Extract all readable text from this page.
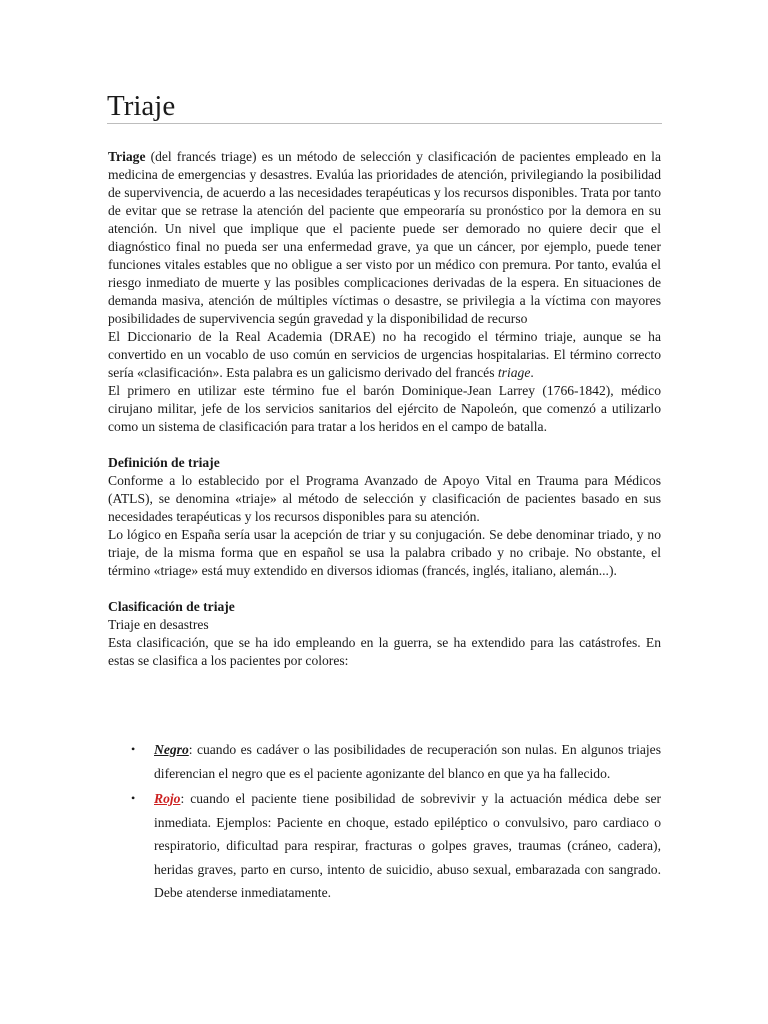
Triaje

Triage (del francés triage) es un método de selección y clasificación de pacientes empleado en la medicina de emergencias y desastres. Evalúa las prioridades de atención, privilegiando la posibilidad de supervivencia, de acuerdo a las necesidades terapéuticas y los recursos disponibles. Trata por tanto de evitar que se retrase la atención del paciente que empeoraría su pronóstico por la demora en su atención. Un nivel que implique que el paciente puede ser demorado no quiere decir que el diagnóstico final no pueda ser una enfermedad grave, ya que un cáncer, por ejemplo, puede tener funciones vitales estables que no obligue a ser visto por un médico con premura. Por tanto, evalúa el riesgo inmediato de muerte y las posibles complicaciones derivadas de la espera. En situaciones de demanda masiva, atención de múltiples víctimas o desastre, se privilegia a la víctima con mayores posibilidades de supervivencia según gravedad y la disponibilidad de recurso

El Diccionario de la Real Academia (DRAE) no ha recogido el término triaje, aunque se ha convertido en un vocablo de uso común en servicios de urgencias hospitalarias. El término correcto sería «clasificación». Esta palabra es un galicismo derivado del francés triage.

El primero en utilizar este término fue el barón Dominique-Jean Larrey (1766-1842), médico cirujano militar, jefe de los servicios sanitarios del ejército de Napoleón, que comenzó a utilizarlo como un sistema de clasificación para tratar a los heridos en el campo de batalla.

Definición de triaje

Conforme a lo establecido por el Programa Avanzado de Apoyo Vital en Trauma para Médicos (ATLS), se denomina «triaje» al método de selección y clasificación de pacientes basado en sus necesidades terapéuticas y los recursos disponibles para su atención.

Lo lógico en España sería usar la acepción de triar y su conjugación. Se debe denominar triado, y no triaje, de la misma forma que en español se usa la palabra cribado y no cribaje. No obstante, el término «triage» está muy extendido en diversos idiomas (francés, inglés, italiano, alemán...).

Clasificación de triaje

Triaje en desastres

Esta clasificación, que se ha ido empleando en la guerra, se ha extendido para las catástrofes. En estas se clasifica a los pacientes por colores:

• Negro: cuando es cadáver o las posibilidades de recuperación son nulas. En algunos triajes diferencian el negro que es el paciente agonizante del blanco en que ya ha fallecido.
• Rojo: cuando el paciente tiene posibilidad de sobrevivir y la actuación médica debe ser inmediata. Ejemplos: Paciente en choque, estado epiléptico o convulsivo, paro cardiaco o respiratorio, dificultad para respirar, fracturas o golpes graves, traumas (cráneo, cadera), heridas graves, parto en curso, intento de suicidio, abuso sexual, embarazada con sangrado. Debe atenderse inmediatamente.
